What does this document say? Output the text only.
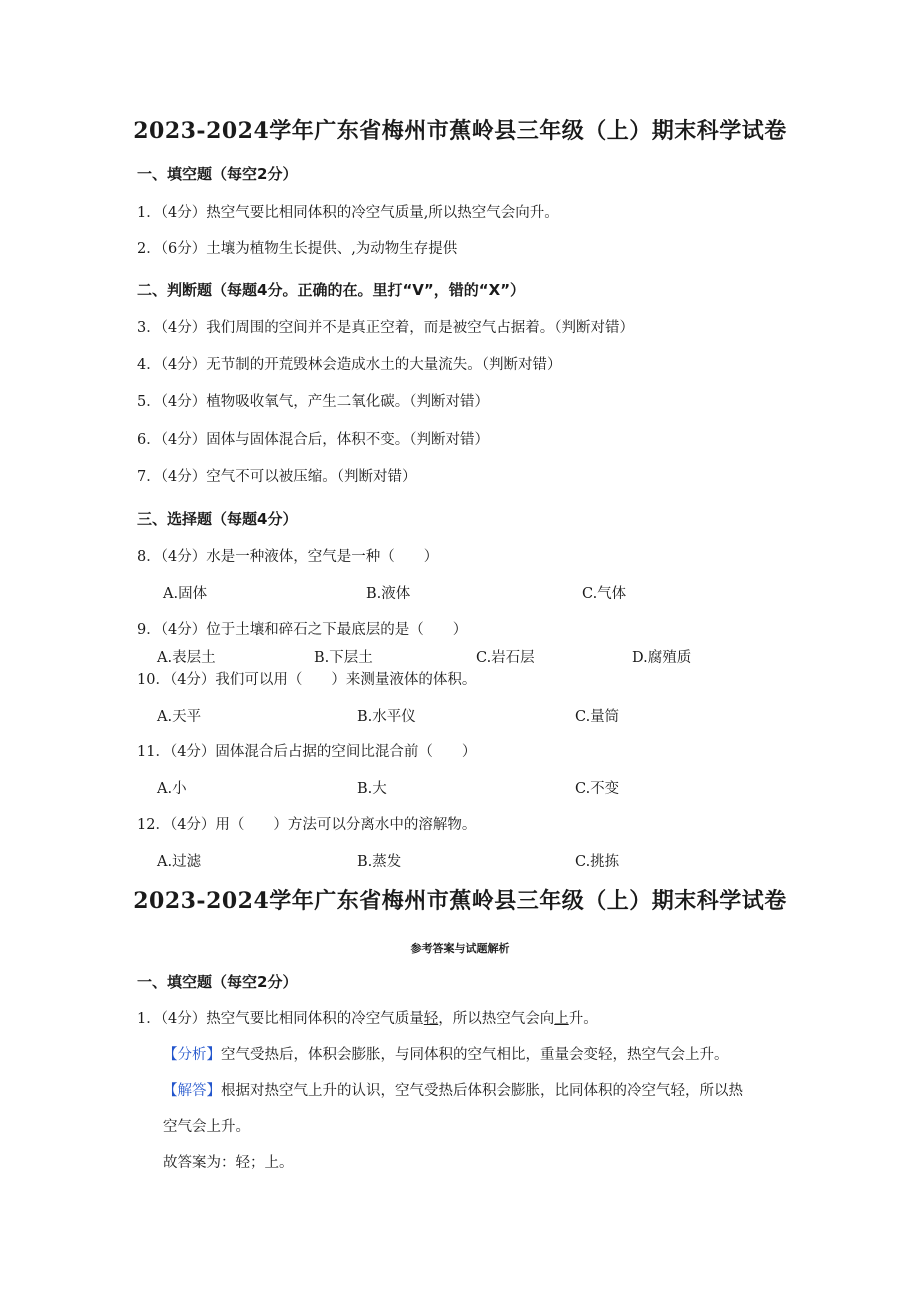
2023-2024学年广东省梅州市蕉岭县三年级（上）期末科学试卷
一、填空题（每空2分）
1．（4分）热空气要比相同体积的冷空气质量,所以热空气会向升。
2．（6分）土壤为植物生长提供、,为动物生存提供
二、判断题（每题4分。正确的在。里打“V”，错的“X”）
3．（4分）我们周围的空间并不是真正空着，而是被空气占据着。（判断对错）
4．（4分）无节制的开荒毁林会造成水土的大量流失。（判断对错）
5．（4分）植物吸收氧气，产生二氧化碳。（判断对错）
6．（4分）固体与固体混合后，体积不变。（判断对错）
7．（4分）空气不可以被压缩。（判断对错）
三、选择题（每题4分）
8．（4分）水是一种液体，空气是一种（　　）
A.固体	B.液体	C.气体
9．（4分）位于土壤和碎石之下最底层的是（　　）
A.表层土	B.下层土	C.岩石层	D.腐殖质
10．（4分）我们可以用（　　）来测量液体的体积。
A.天平	B.水平仪	C.量筒
11．（4分）固体混合后占据的空间比混合前（　　）
A.小	B.大	C.不变
12．（4分）用（　　）方法可以分离水中的溶解物。
A.过滤	B.蒸发	C.挑拣
2023-2024学年广东省梅州市蕉岭县三年级（上）期末科学试卷
参考答案与试题解析
一、填空题（每空2分）
1．（4分）热空气要比相同体积的冷空气质量轻，所以热空气会向上升。
【分析】空气受热后，体积会膨胀，与同体积的空气相比，重量会变轻，热空气会上升。
【解答】根据对热空气上升的认识，空气受热后体积会膨胀，比同体积的冷空气轻，所以热
空气会上升。
故答案为：轻；上。
